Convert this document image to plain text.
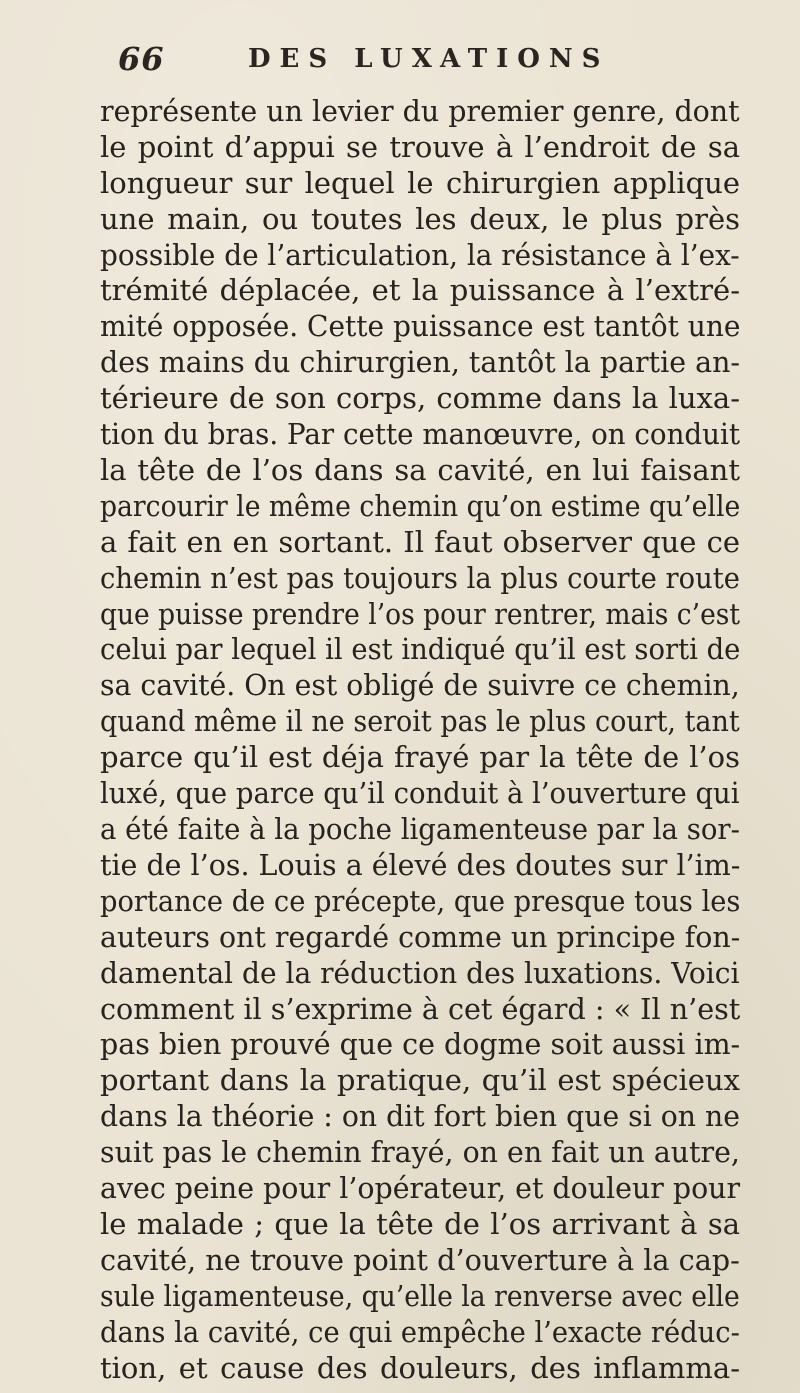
66	DES LUXATIONS
représente un levier du premier genre, dont
le point d’appui se trouve à l’endroit de sa
longueur sur lequel le chirurgien applique
une main, ou toutes les deux, le plus près
possible de l’articulation, la résistance à l’ex-
trémité déplacée, et la puissance à l’extré-
mité opposée. Cette puissance est tantôt une des mains du chirurgien, tantôt la partie an-
térieure de son corps, comme dans la luxa-
tion du bras. Par cette manœuvre, on conduit
la tête de l’os dans sa cavité, en lui faisant
parcourir le même chemin qu’on estime qu’elle
a fait en en sortant. Il faut observer que ce
chemin n’est pas toujours la plus courte route que puisse prendre l’os pour rentrer, mais c’est celui par lequel il est indiqué qu’il est sorti de sa cavité. On est obligé de suivre ce chemin, quand même il ne seroit pas le plus court, tant
parce qu’il est déja frayé par la tête de l’os
luxé, que parce qu’il conduit à l’ouverture qui a été faite à la poche ligamenteuse par la sor- tie de l’os. Louis a élevé des doutes sur l’im- portance de ce précepte, que presque tous les auteurs ont regardé comme un principe fon- damental de la réduction des luxations. Voici comment il s’exprime à cet égard : « Il n’est pas bien prouvé que ce dogme soit aussi im-
portant dans la pratique, qu’il est spécieux
dans la théorie : on dit fort bien que si on ne suit pas le chemin frayé, on en fait un autre, avec peine pour l’opérateur, et douleur pour
le malade ; que la tête de l’os arrivant à sa
cavité, ne trouve point d’ouverture à la cap- sule ligamenteuse, qu’elle la renverse avec elle dans la cavité, ce qui empêche l’exacte réduc-
tion, et cause des douleurs, des inflamma-
